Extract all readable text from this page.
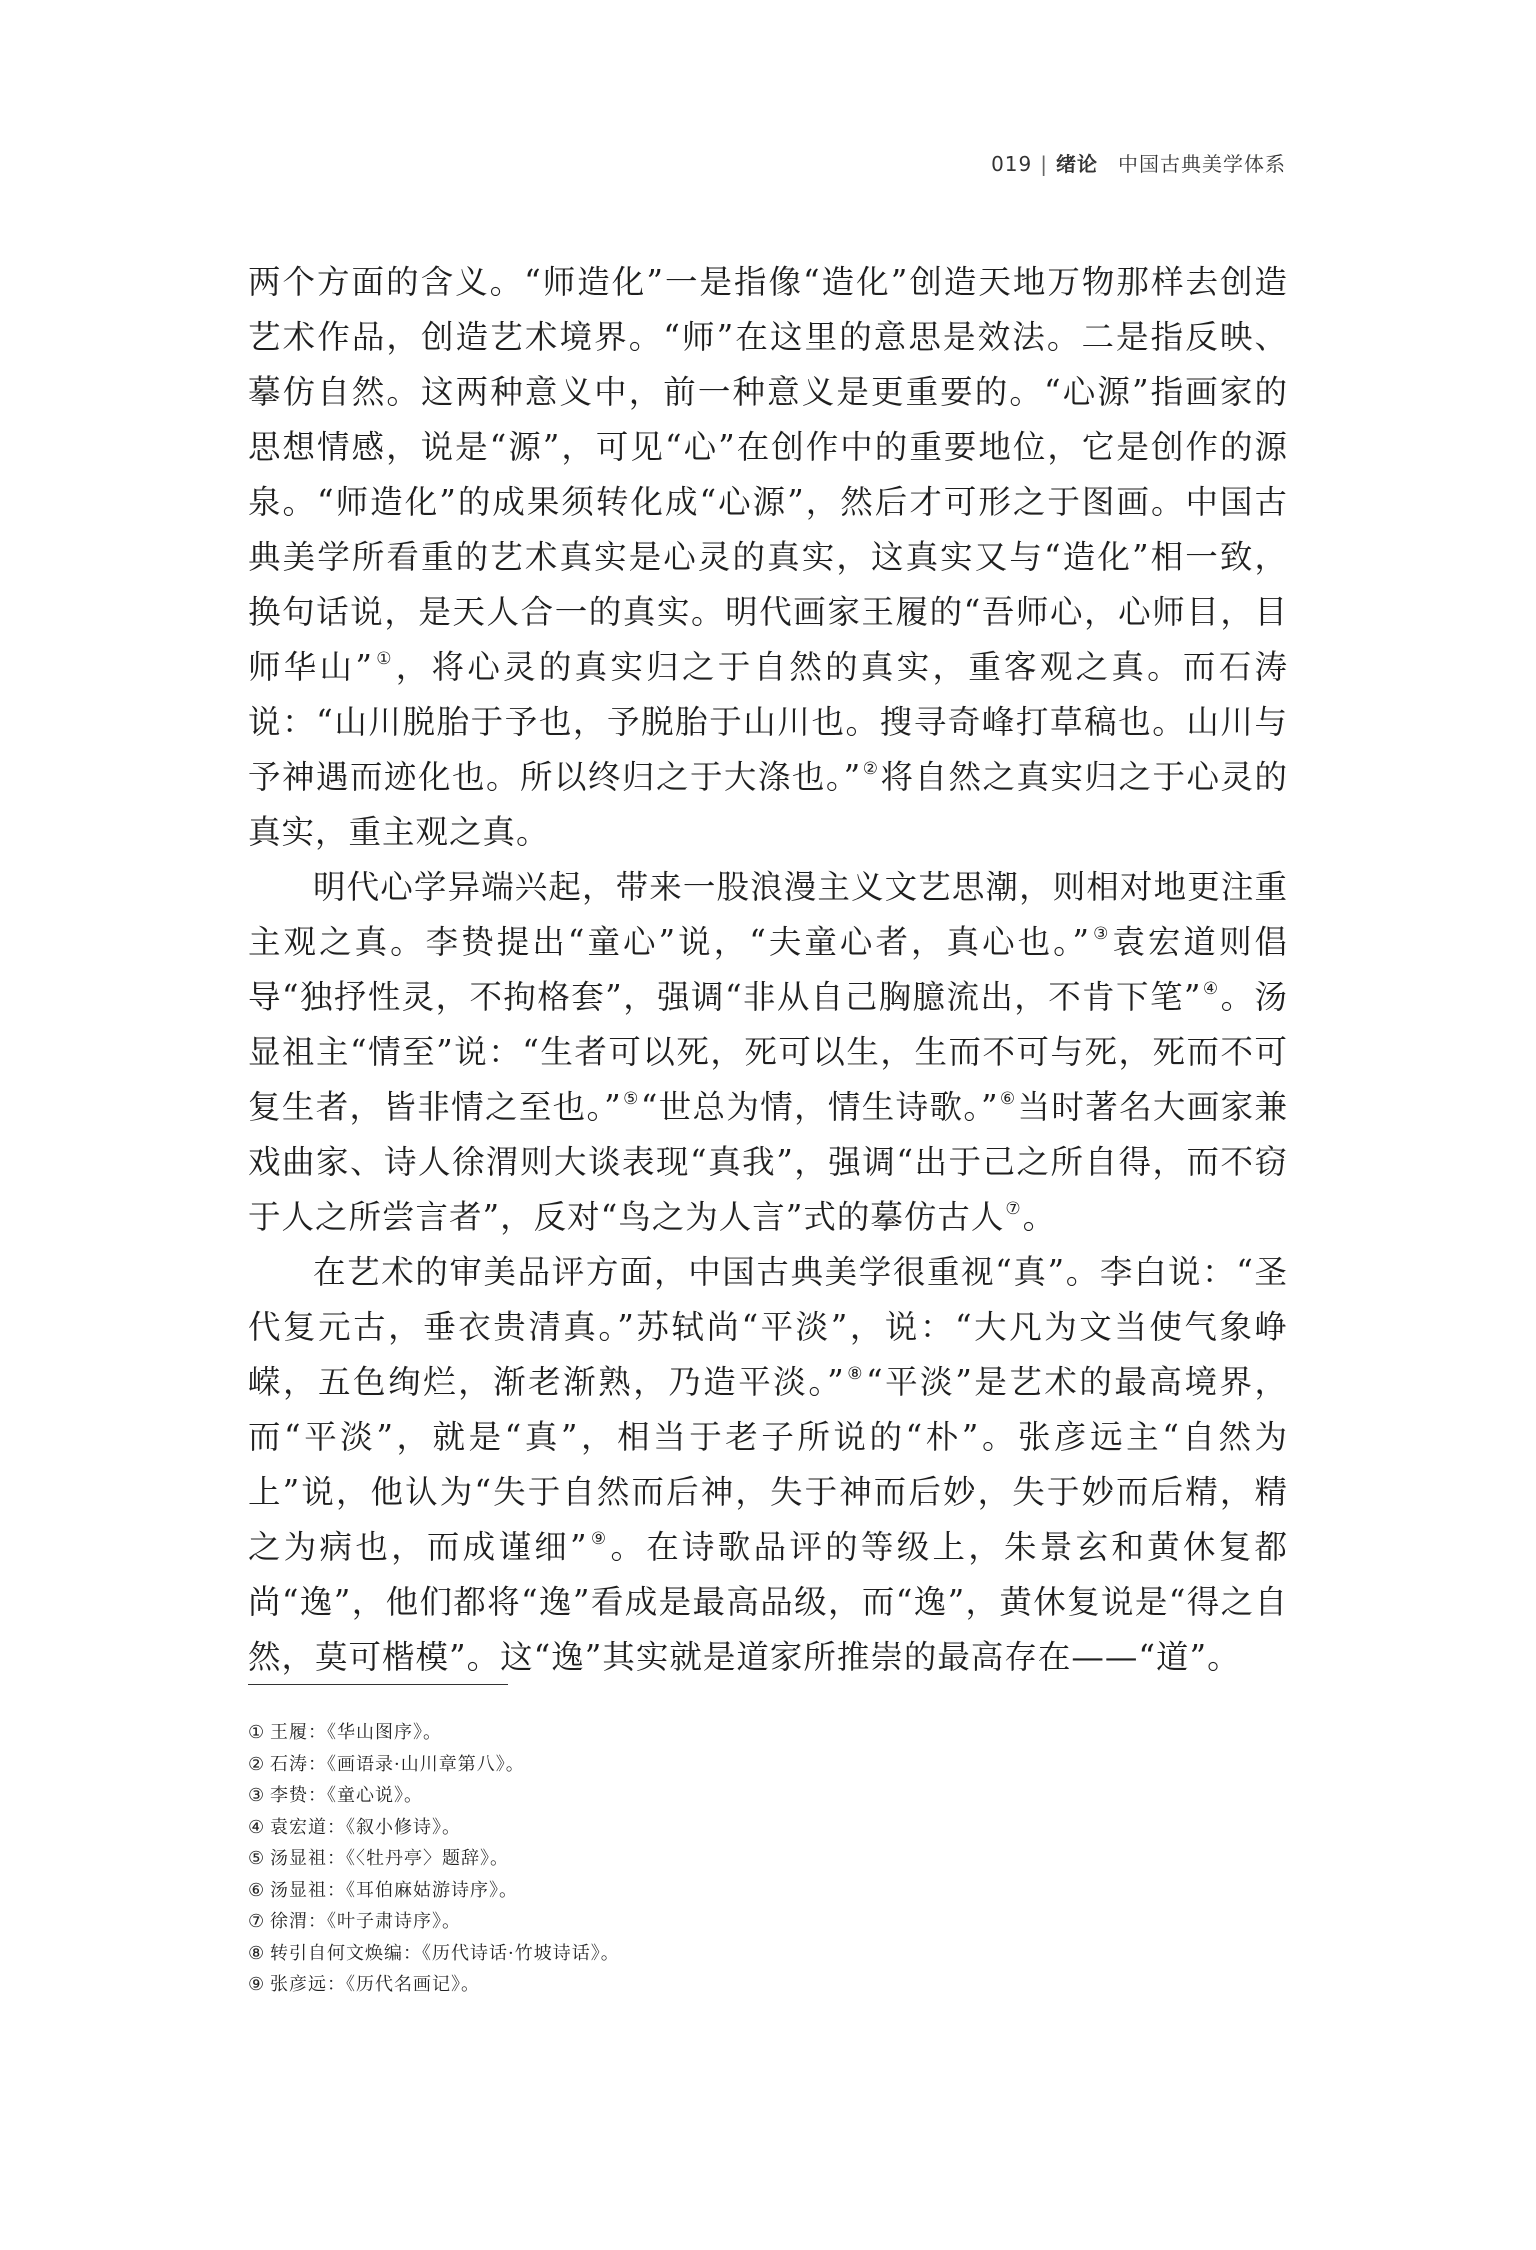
019 | 绪论 中国古典美学体系

两个方面的含义。“师造化”一是指像“造化”创造天地万物那样去创造艺术作品，创造艺术境界。“师”在这里的意思是效法。二是指反映、摹仿自然。这两种意义中，前一种意义是更重要的。“心源”指画家的思想情感，说是“源”，可见“心”在创作中的重要地位，它是创作的源泉。“师造化”的成果须转化成“心源”，然后才可形之于图画。中国古典美学所看重的艺术真实是心灵的真实，这真实又与“造化”相一致，换句话说，是天人合一的真实。明代画家王履的“吾师心，心师目，目师华山”①，将心灵的真实归之于自然的真实，重客观之真。而石涛说：“山川脱胎于予也，予脱胎于山川也。搜寻奇峰打草稿也。山川与予神遇而迹化也。所以终归之于大涤也。”②将自然之真实归之于心灵的真实，重主观之真。

明代心学异端兴起，带来一股浪漫主义文艺思潮，则相对地更注重主观之真。李贽提出“童心”说，“夫童心者，真心也。”③袁宏道则倡导“独抒性灵，不拘格套”，强调“非从自己胸臆流出，不肯下笔”④。汤显祖主“情至”说：“生者可以死，死可以生，生而不可与死，死而不可复生者，皆非情之至也。”⑤“世总为情，情生诗歌。”⑥当时著名大画家兼戏曲家、诗人徐渭则大谈表现“真我”，强调“出于己之所自得，而不窃于人之所尝言者”，反对“鸟之为人言”式的摹仿古人⑦。

在艺术的审美品评方面，中国古典美学很重视“真”。李白说：“圣代复元古，垂衣贵清真。”苏轼尚“平淡”，说：“大凡为文当使气象峥嵘，五色绚烂，渐老渐熟，乃造平淡。”⑧“平淡”是艺术的最高境界，而“平淡”，就是“真”，相当于老子所说的“朴”。张彦远主“自然为上”说，他认为“失于自然而后神，失于神而后妙，失于妙而后精，精之为病也，而成谨细”⑨。在诗歌品评的等级上，朱景玄和黄休复都尚“逸”，他们都将“逸”看成是最高品级，而“逸”，黄休复说是“得之自然，莫可楷模”。这“逸”其实就是道家所推崇的最高存在——“道”。

① 王履：《华山图序》。
② 石涛：《画语录·山川章第八》。
③ 李贽：《童心说》。
④ 袁宏道：《叙小修诗》。
⑤ 汤显祖：《〈牡丹亭〉题辞》。
⑥ 汤显祖：《耳伯麻姑游诗序》。
⑦ 徐渭：《叶子肃诗序》。
⑧ 转引自何文焕编：《历代诗话·竹坡诗话》。
⑨ 张彦远：《历代名画记》。
